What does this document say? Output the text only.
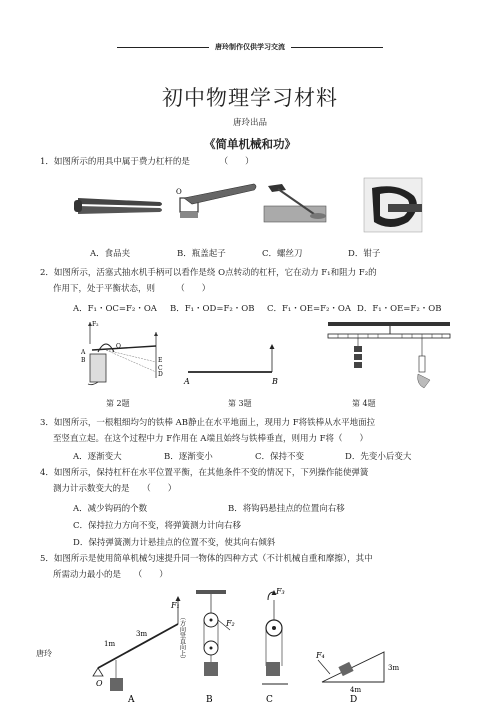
唐玲制作仅供学习交流
初中物理学习材料
唐玲出品
《简单机械和功》
1．如图所示的用具中属于费力杠杆的是　　　　（　　）
O
A．食品夹	B．瓶盖起子	C．螺丝刀	D．钳子
2．如图所示，活塞式抽水机手柄可以看作是绕 O点转动的杠杆，它在动力 F₁和阻力 F₂的
作用下，处于平衡状态，则　　　（　　）
A．F₁・OC=F₂・OA B．F₁・OD=F₂・OB C．F₁・OE=F₂・OA D．F₁・OE=F₂・OB
F₂
A
B
C
D
E
O
A	B
第 2题	第 3题	第 4题
3．如图所示，一根粗细均匀的铁棒 AB静止在水平地面上，现用力 F将铁棒从水平地面拉
至竖直立起。在这个过程中力 F作用在 A端且始终与铁棒垂直，则用力 F将（　　）
A．逐渐变大	B．逐渐变小	C．保持不变	D．先变小后变大
4．如图所示，保持杠杆在水平位置平衡，在其他条件不变的情况下，下列操作能使弹簧
测力计示数变大的是　　（　　）
A．减少钩码的个数	B．将钩码悬挂点的位置向右移
C．保持拉力方向不变，将弹簧测力计向右移
D．保持弹簧测力计悬挂点的位置不变，使其向右倾斜
5．如图所示是使用简单机械匀速提升同一物体的四种方式（不计机械自重和摩擦），其中
所需动力最小的是　　（　　）
唐玲
F₁
1m
3m
O
（方向竖直向上）
A
F₂
B
F₃
C
F₄
3m
4m
D
